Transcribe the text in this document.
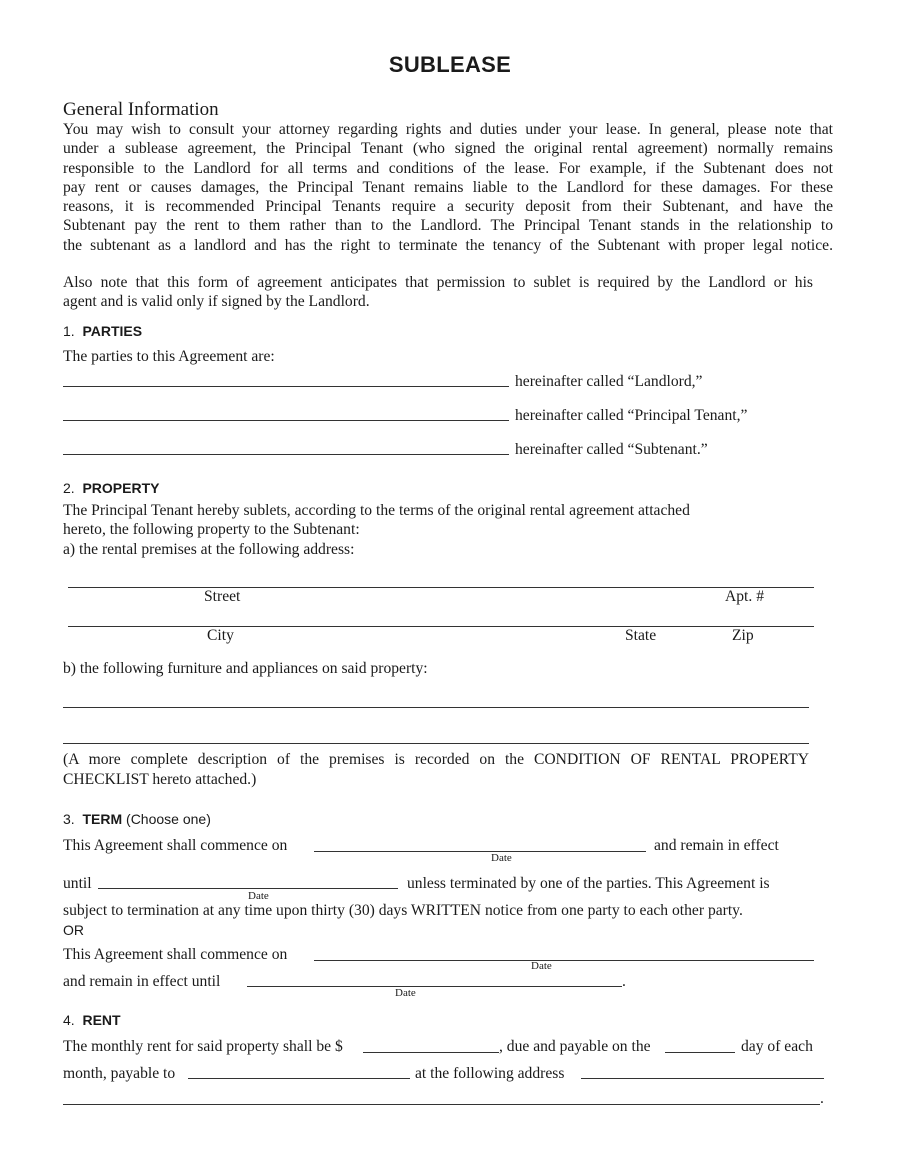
SUBLEASE
General Information
You may wish to consult your attorney regarding rights and duties under your lease. In general, please note that
under a sublease agreement, the Principal Tenant (who signed the original rental agreement) normally remains
responsible to the Landlord for all terms and conditions of the lease. For example, if the Subtenant does not
pay rent or causes damages, the Principal Tenant remains liable to the Landlord for these damages. For these
reasons, it is recommended Principal Tenants require a security deposit from their Subtenant, and have the
Subtenant pay the rent to them rather than to the Landlord. The Principal Tenant stands in the relationship to
the subtenant as a landlord and has the right to terminate the tenancy of the Subtenant with proper legal notice.
Also note that this form of agreement anticipates that permission to sublet is required by the Landlord or his
agent and is valid only if signed by the Landlord.
1. PARTIES
The parties to this Agreement are:
hereinafter called “Landlord,”
hereinafter called “Principal Tenant,”
hereinafter called “Subtenant.”
2. PROPERTY
The Principal Tenant hereby sublets, according to the terms of the original rental agreement attached
hereto, the following property to the Subtenant:
a) the rental premises at the following address:
Street	Apt. #
City	State	Zip
b) the following furniture and appliances on said property:
(A more complete description of the premises is recorded on the CONDITION OF RENTAL PROPERTY
CHECKLIST hereto attached.)
3. TERM (Choose one)
This Agreement shall commence on
Date
and remain in effect
until
Date
unless terminated by one of the parties. This Agreement is
subject to termination at any time upon thirty (30) days WRITTEN notice from one party to each other party.
OR
This Agreement shall commence on
Date
and remain in effect until	.
Date
4. RENT
The monthly rent for said property shall be $	, due and payable on the	day of each
month, payable to	at the following address
.
